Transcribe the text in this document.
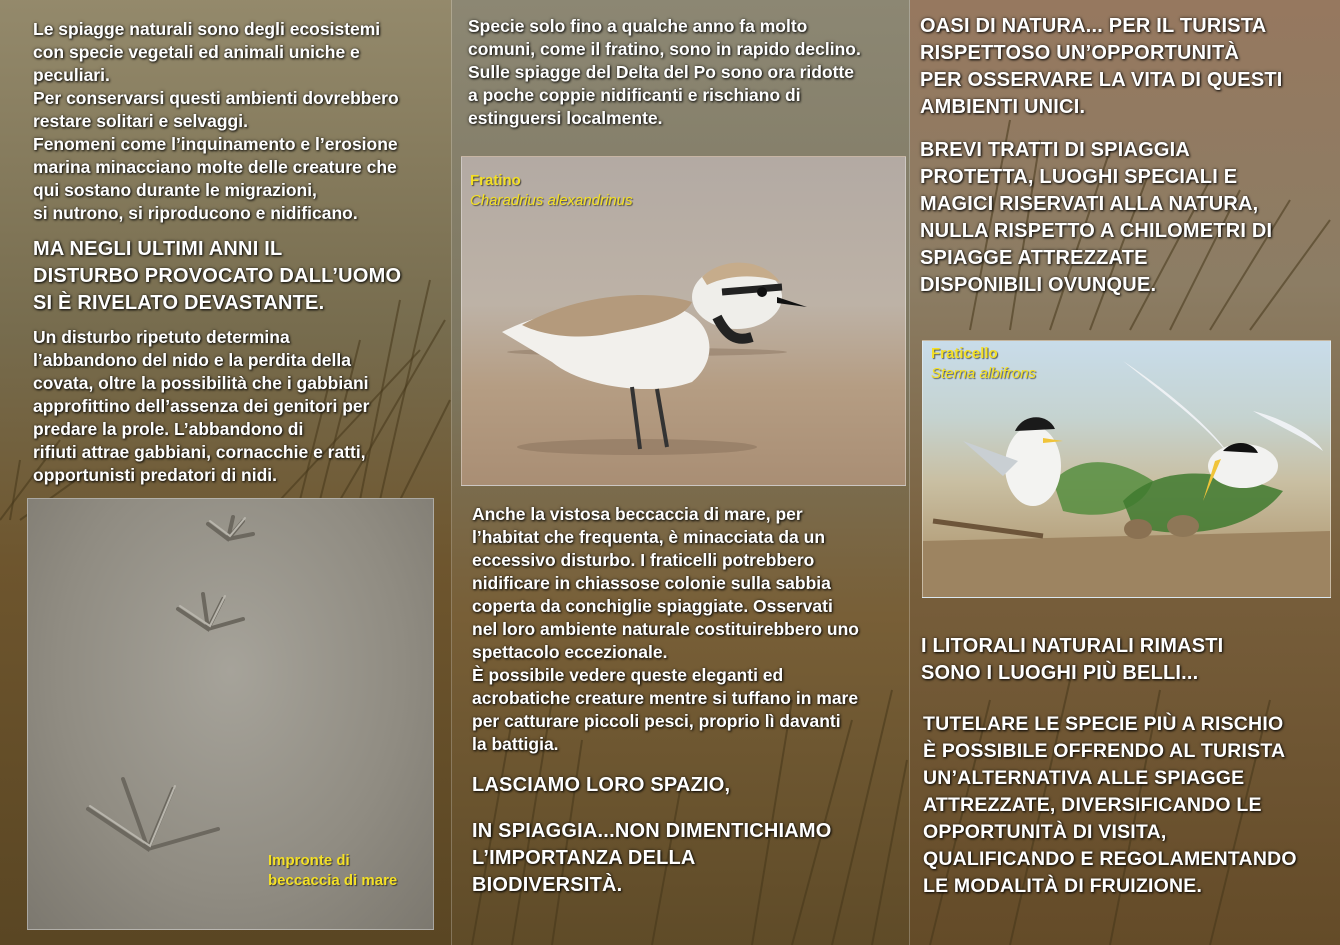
Le spiagge naturali sono degli ecosistemi
con specie vegetali ed animali uniche e
peculiari.
Per conservarsi questi ambienti dovrebbero
restare solitari e selvaggi.
Fenomeni come l’inquinamento e l’erosione
marina minacciano molte delle creature che
qui sostano durante le migrazioni,
si nutrono, si riproducono e nidificano.
MA NEGLI ULTIMI ANNI IL
DISTURBO PROVOCATO DALL’UOMO
SI È RIVELATO DEVASTANTE.
Un disturbo ripetuto determina
l’abbandono del nido e la perdita della
covata, oltre la possibilità che i gabbiani
approfittino dell’assenza dei genitori per
predare la prole. L’abbandono di
rifiuti attrae gabbiani, cornacchie e ratti,
opportunisti predatori di nidi.
Impronte di
beccaccia di mare
Specie solo fino a qualche anno fa molto
comuni, come il fratino, sono in rapido declino.
Sulle spiagge del Delta del Po sono ora ridotte
a poche coppie nidificanti e rischiano di
estinguersi localmente.
Fratino
Charadrius alexandrinus
Anche la vistosa beccaccia di mare, per
l’habitat che frequenta, è minacciata da un
eccessivo disturbo. I fraticelli potrebbero
nidificare in chiassose colonie sulla sabbia
coperta da conchiglie spiaggiate. Osservati
nel loro ambiente naturale costituirebbero uno
spettacolo eccezionale.
È possibile vedere queste eleganti ed
acrobatiche creature mentre si tuffano in mare
per catturare piccoli pesci, proprio lì davanti
la battigia.
LASCIAMO LORO SPAZIO,
IN SPIAGGIA...NON DIMENTICHIAMO
L’IMPORTANZA DELLA
BIODIVERSITÀ.
OASI DI NATURA... PER IL TURISTA
RISPETTOSO UN’OPPORTUNITÀ
PER OSSERVARE LA VITA DI QUESTI
AMBIENTI UNICI.
BREVI TRATTI DI SPIAGGIA
PROTETTA, LUOGHI SPECIALI E
MAGICI RISERVATI ALLA NATURA,
NULLA RISPETTO A CHILOMETRI DI
SPIAGGE ATTREZZATE
DISPONIBILI OVUNQUE.
Fraticello
Sterna albifrons
I LITORALI NATURALI RIMASTI
SONO I LUOGHI PIÙ BELLI...
TUTELARE LE SPECIE PIÙ A RISCHIO
È POSSIBILE OFFRENDO AL TURISTA
UN’ALTERNATIVA ALLE SPIAGGE
ATTREZZATE, DIVERSIFICANDO LE
OPPORTUNITÀ DI VISITA,
QUALIFICANDO E REGOLAMENTANDO
LE MODALITÀ DI FRUIZIONE.
